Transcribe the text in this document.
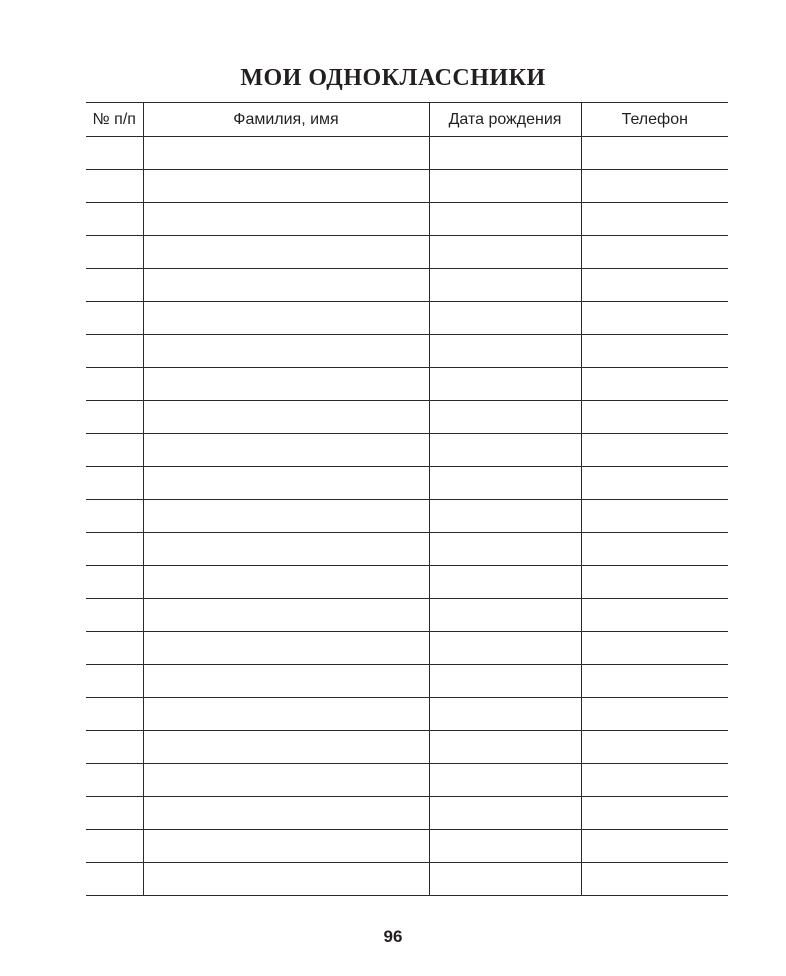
МОИ ОДНОКЛАССНИКИ
№ п/п	Фамилия, имя	Дата рождения	Телефон

96
